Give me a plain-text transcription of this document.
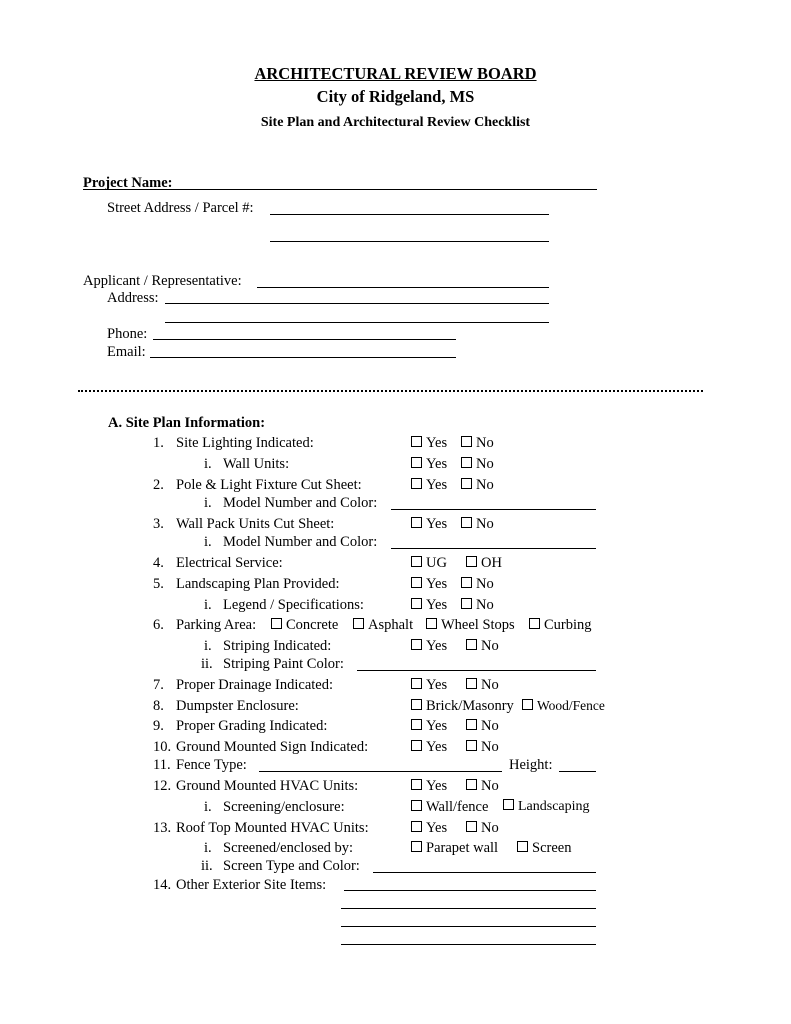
ARCHITECTURAL REVIEW BOARD
City of Ridgeland, MS
Site Plan and Architectural Review Checklist
Project Name:
Street Address / Parcel #:
Applicant / Representative:
Address:
Phone:
Email:
A. Site Plan Information:
1. Site Lighting Indicated:	Yes	No
i. Wall Units:	Yes	No
2. Pole & Light Fixture Cut Sheet:	Yes	No
i. Model Number and Color:
3. Wall Pack Units Cut Sheet:	Yes	No
i. Model Number and Color:
4. Electrical Service:	UG	OH
5. Landscaping Plan Provided:	Yes	No
i. Legend / Specifications:	Yes	No
6. Parking Area:	Concrete	Asphalt	Wheel Stops	Curbing
i. Striping Indicated:	Yes	No
ii. Striping Paint Color:
7. Proper Drainage Indicated:	Yes	No
8. Dumpster Enclosure:	Brick/Masonry	Wood/Fence
9. Proper Grading Indicated:	Yes	No
10. Ground Mounted Sign Indicated:	Yes	No
11. Fence Type:	Height:
12. Ground Mounted HVAC Units:	Yes	No
i. Screening/enclosure:	Wall/fence	Landscaping
13. Roof Top Mounted HVAC Units:	Yes	No
i. Screened/enclosed by:	Parapet wall	Screen
ii. Screen Type and Color:
14. Other Exterior Site Items:
